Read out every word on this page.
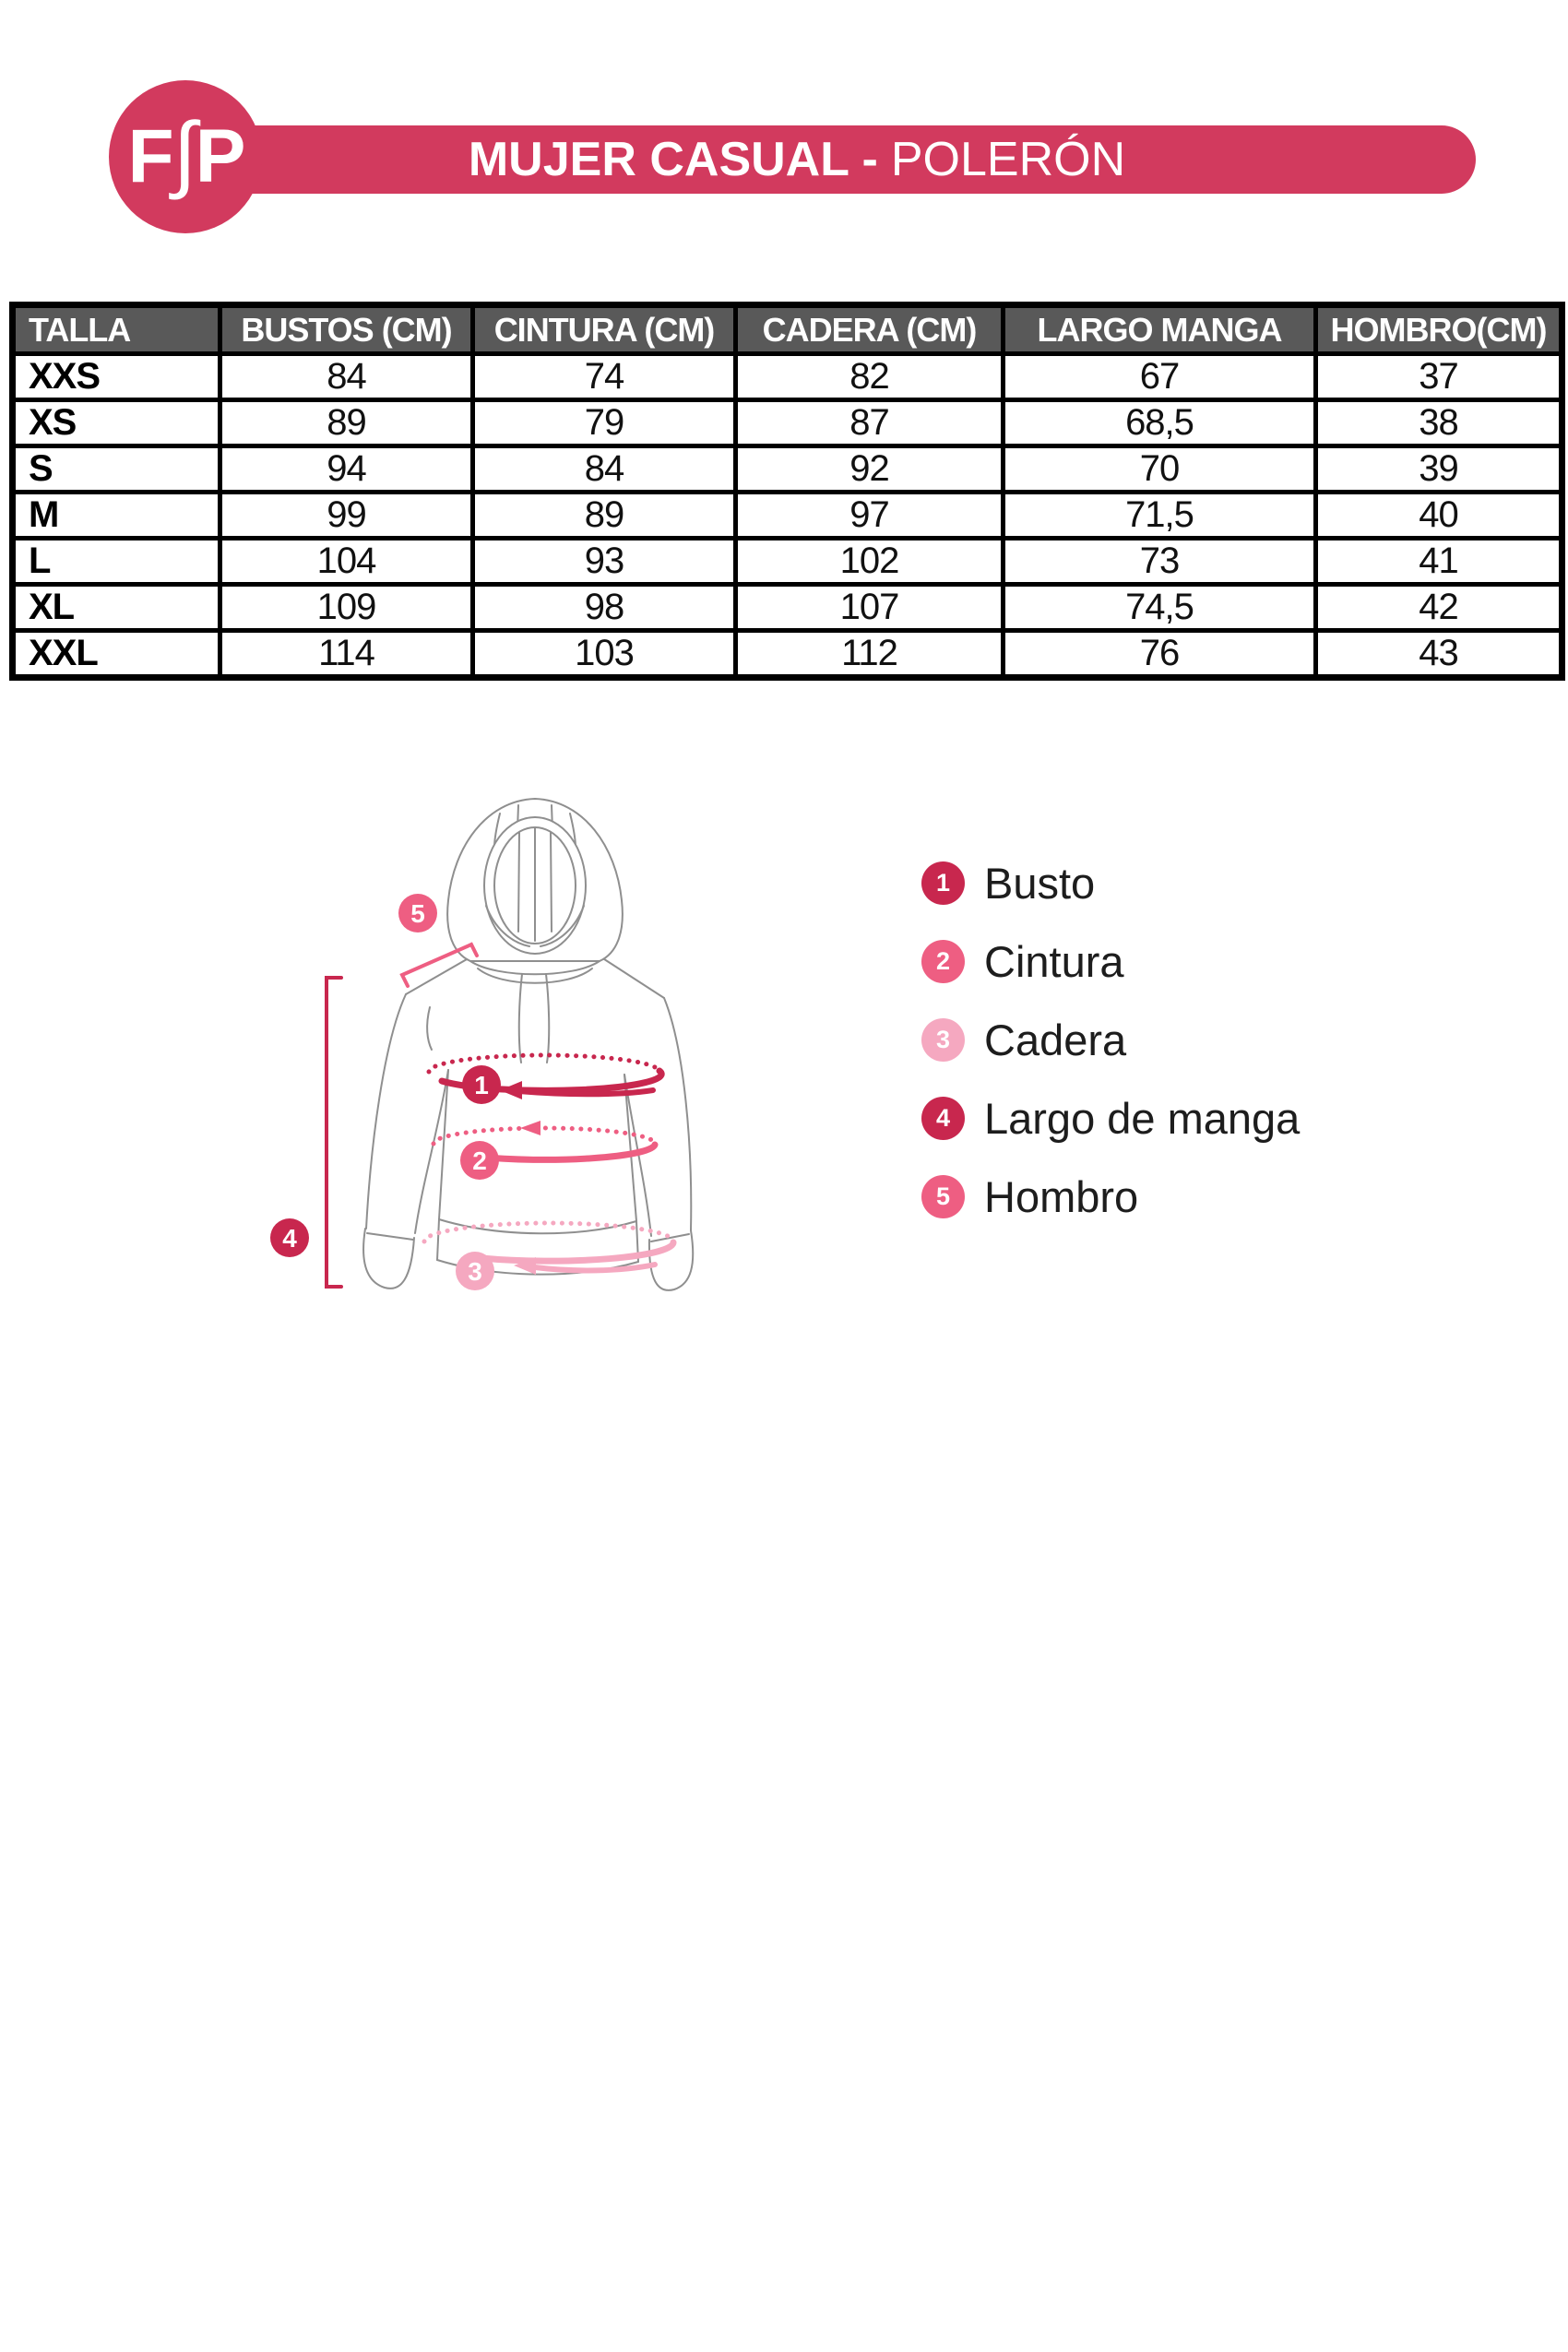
F ∫ P	MUJER CASUAL - POLERÓN
TALLA	BUSTOS (CM)	CINTURA (CM)	CADERA (CM)	LARGO MANGA	HOMBRO(CM)
XXS	84	74	82	67	37
XS	89	79	87	68,5	38
S	94	84	92	70	39
M	99	89	97	71,5	40
L	104	93	102	73	41
XL	109	98	107	74,5	42
XXL	114	103	112	76	43
1
2
3
4
5
1 Busto
2 Cintura
3 Cadera
4 Largo de manga
5 Hombro
